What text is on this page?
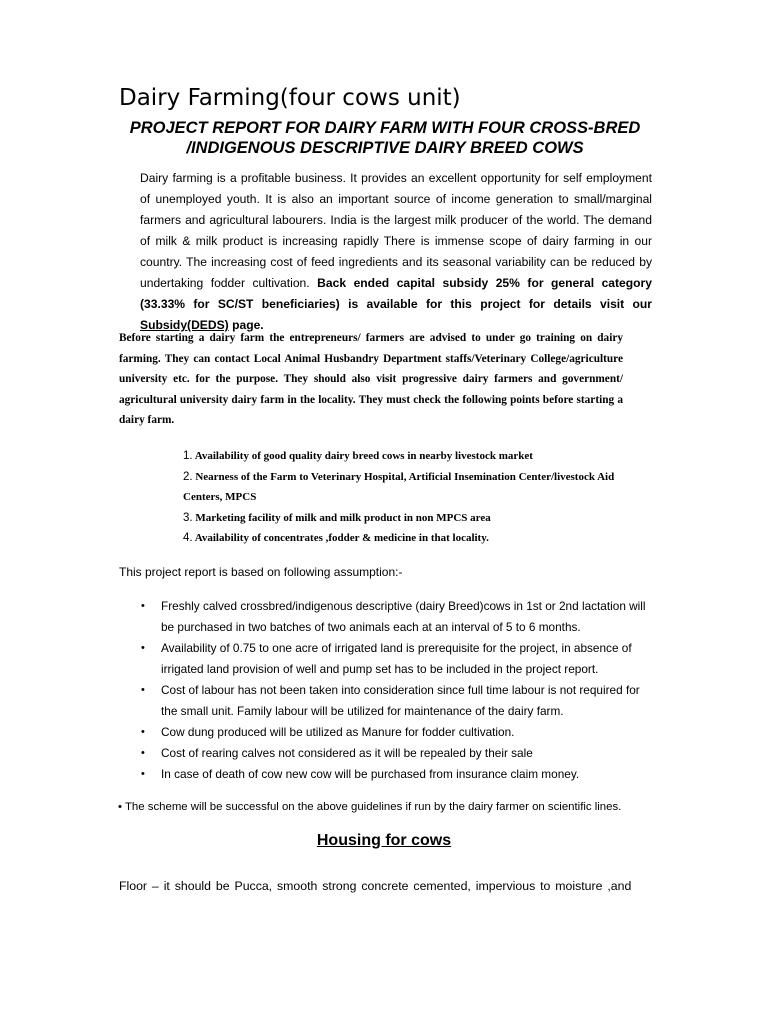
Dairy Farming(four cows unit)
PROJECT REPORT FOR DAIRY FARM WITH FOUR CROSS-BRED
/INDIGENOUS DESCRIPTIVE DAIRY BREED COWS

Dairy farming is a profitable business. It provides an excellent opportunity for self employment of unemployed youth. It is also an important source of income generation to small/marginal farmers and agricultural labourers. India is the largest milk producer of the world. The demand of milk & milk product is increasing rapidly There is immense scope of dairy farming in our country. The increasing cost of feed ingredients and its seasonal variability can be reduced by undertaking fodder cultivation. Back ended capital subsidy 25% for general category (33.33% for SC/ST beneficiaries) is available for this project for details visit our Subsidy(DEDS) page.

Before starting a dairy farm the entrepreneurs/ farmers are advised to under go training on dairy farming. They can contact Local Animal Husbandry Department staffs/Veterinary College/agriculture university etc. for the purpose. They should also visit progressive dairy farmers and government/ agricultural university dairy farm in the locality. They must check the following points before starting a dairy farm.

1. Availability of good quality dairy breed cows in nearby livestock market
2. Nearness of the Farm to Veterinary Hospital, Artificial Insemination Center/livestock Aid Centers, MPCS
3. Marketing facility of milk and milk product in non MPCS area
4. Availability of concentrates ,fodder & medicine in that locality.

This project report is based on following assumption:-

• Freshly calved crossbred/indigenous descriptive (dairy Breed)cows in 1st or 2nd lactation will be purchased in two batches of two animals each at an interval of 5 to 6 months.
• Availability of 0.75 to one acre of irrigated land is prerequisite for the project, in absence of irrigated land provision of well and pump set has to be included in the project report.
• Cost of labour has not been taken into consideration since full time labour is not required for the small unit. Family labour will be utilized for maintenance of the dairy farm.
• Cow dung produced will be utilized as Manure for fodder cultivation.
• Cost of rearing calves not considered as it will be repealed by their sale
• In case of death of cow new cow will be purchased from insurance claim money.

• The scheme will be successful on the above guidelines if run by the dairy farmer on scientific lines.

Housing for cows

Floor – it should be Pucca, smooth strong concrete cemented, impervious to moisture ,and
